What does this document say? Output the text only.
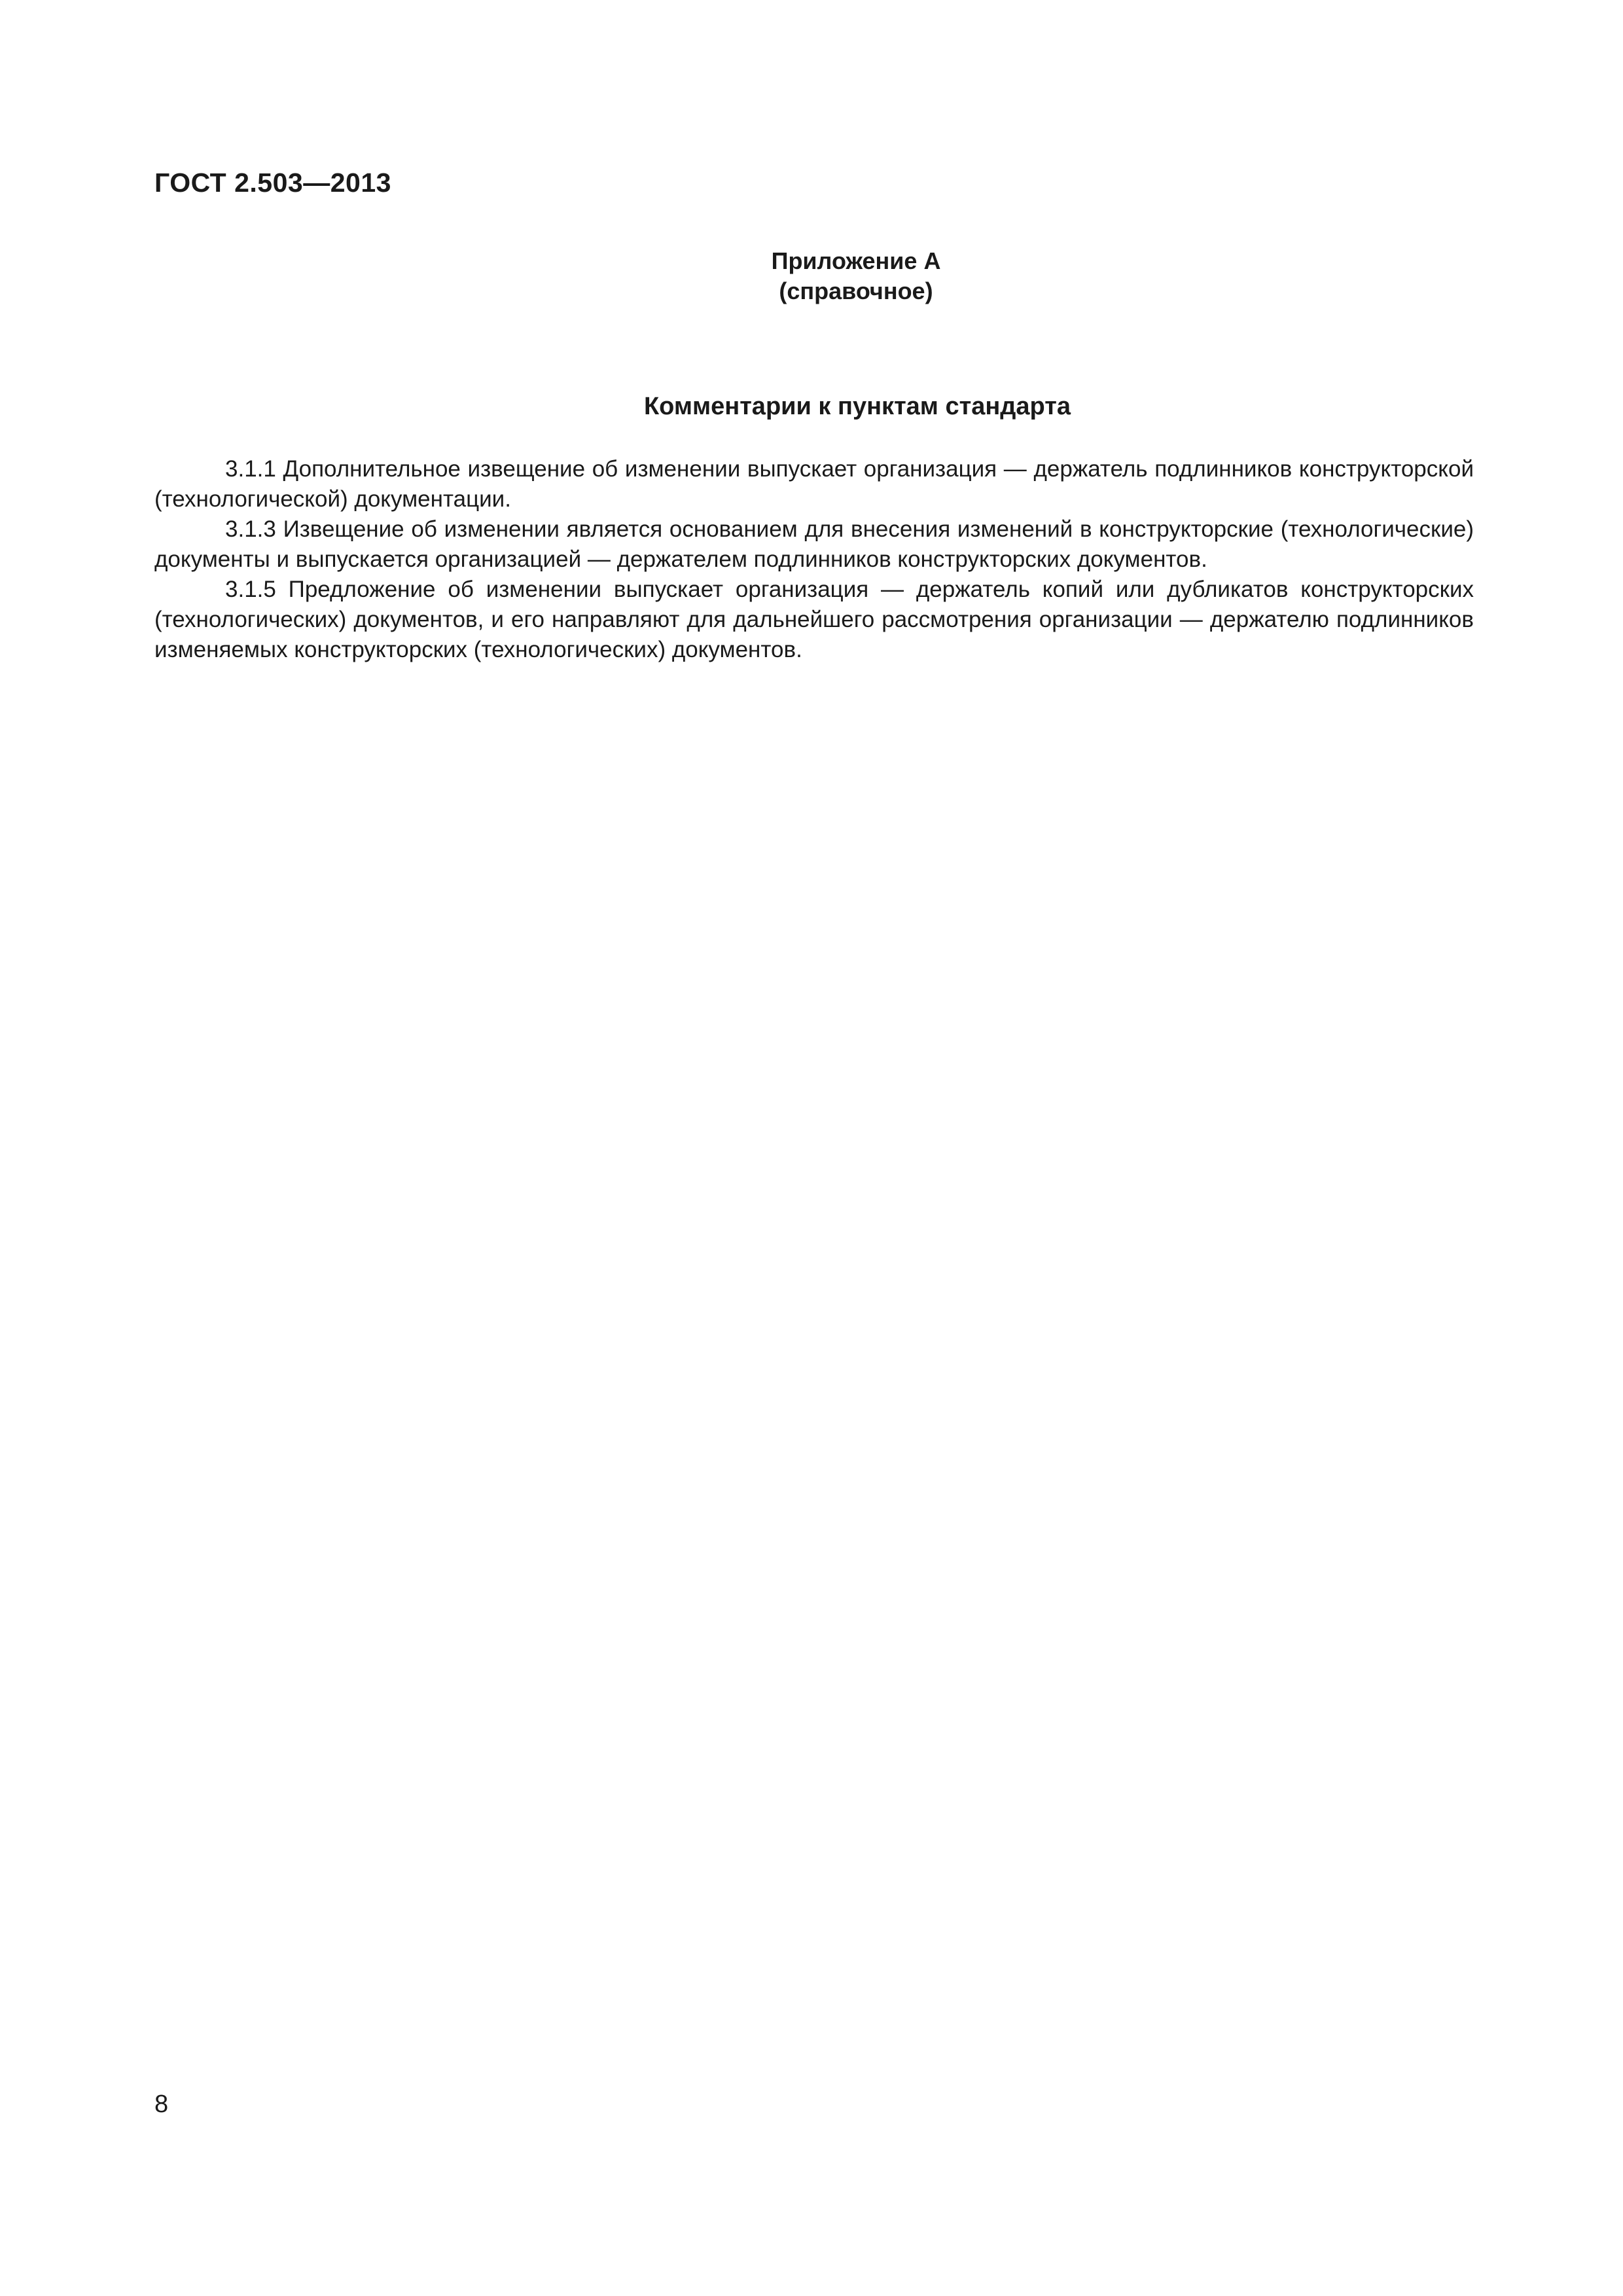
ГОСТ 2.503—2013
Приложение А
(справочное)
Комментарии к пунктам стандарта

3.1.1 Дополнительное извещение об изменении выпускает организация — держатель подлинников конструкторской (технологической) документации.

3.1.3 Извещение об изменении является основанием для внесения изменений в конструкторские (технологические) документы и выпускается организацией — держателем подлинников конструкторских документов.

3.1.5 Предложение об изменении выпускает организация — держатель копий или дубликатов конструкторских (технологических) документов, и его направляют для дальнейшего рассмотрения организации — держателю подлинников изменяемых конструкторских (технологических) документов.

8
